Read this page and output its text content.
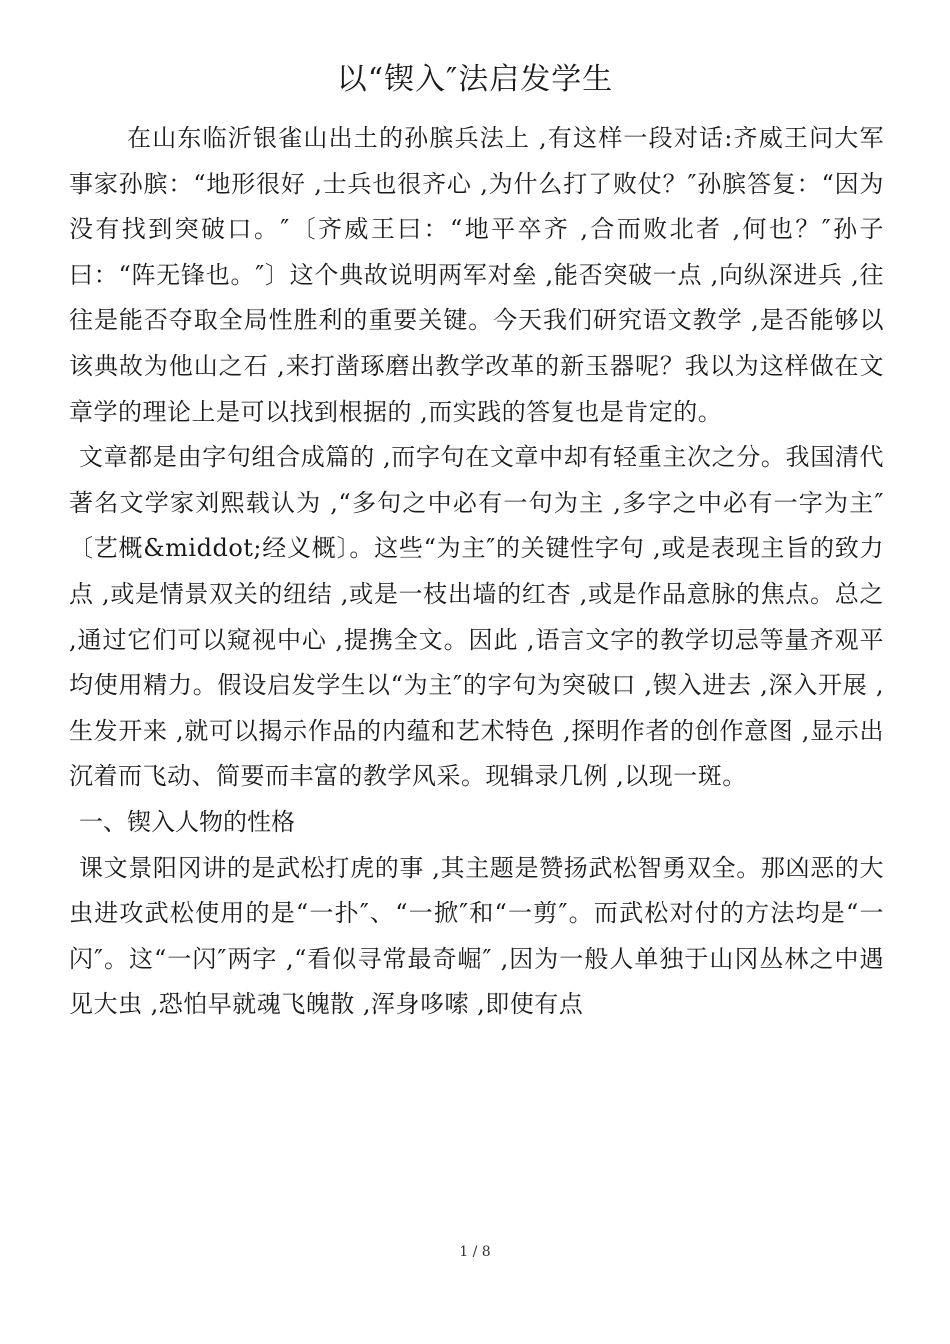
以“锲入″法启发学生

在山东临沂银雀山出土的孙膑兵法上 ,有这样一段对话:齐威王问大军事家孙膑：“地形很好 ,士兵也很齐心 ,为什么打了败仗？″孙膑答复：“因为没有找到突破口。″〔齐威王曰：“地平卒齐 ,合而败北者 ,何也？″孙子曰：“阵无锋也。″〕这个典故说明两军对垒 ,能否突破一点 ,向纵深进兵 ,往往是能否夺取全局性胜利的重要关键。今天我们研究语文教学 ,是否能够以该典故为他山之石 ,来打凿琢磨出教学改革的新玉器呢？我以为这样做在文章学的理论上是可以找到根据的 ,而实践的答复也是肯定的。

文章都是由字句组合成篇的 ,而字句在文章中却有轻重主次之分。我国清代著名文学家刘熙载认为 ,“多句之中必有一句为主 ,多字之中必有一字为主″〔艺概&middot;经义概〕。这些“为主″的关键性字句 ,或是表现主旨的致力点 ,或是情景双关的纽结 ,或是一枝出墙的红杏 ,或是作品意脉的焦点。总之 ,通过它们可以窥视中心 ,提携全文。因此 ,语言文字的教学切忌等量齐观平均使用精力。假设启发学生以“为主″的字句为突破口 ,锲入进去 ,深入开展 ,生发开来 ,就可以揭示作品的内蕴和艺术特色 ,探明作者的创作意图 ,显示出沉着而飞动、简要而丰富的教学风采。现辑录几例 ,以现一斑。

一、锲入人物的性格

课文景阳冈讲的是武松打虎的事 ,其主题是赞扬武松智勇双全。那凶恶的大虫进攻武松使用的是“一扑″、“一掀″和“一剪″。而武松对付的方法均是“一闪″。这“一闪″两字 ,“看似寻常最奇崛″ ,因为一般人单独于山冈丛林之中遇见大虫 ,恐怕早就魂飞魄散 ,浑身哆嗦 ,即使有点

1 / 8
